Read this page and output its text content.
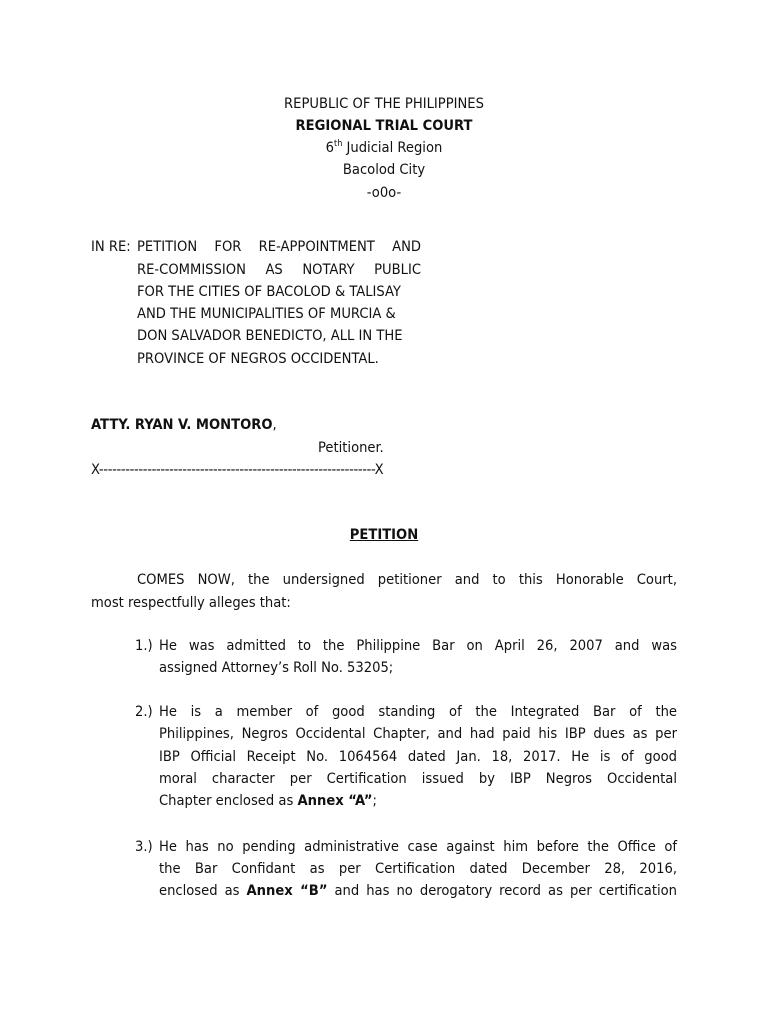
REPUBLIC OF THE PHILIPPINES
REGIONAL TRIAL COURT
6th Judicial Region
Bacolod City
-o0o-
IN RE: PETITION FOR RE-APPOINTMENT AND
RE-COMMISSION AS NOTARY PUBLIC
FOR THE CITIES OF BACOLOD & TALISAY
AND THE MUNICIPALITIES OF MURCIA &
DON SALVADOR BENEDICTO, ALL IN THE
PROVINCE OF NEGROS OCCIDENTAL.
ATTY. RYAN V. MONTORO,
Petitioner.
X---------------------------------------------------------------X
PETITION
COMES NOW, the undersigned petitioner and to this Honorable Court,
most respectfully alleges that:
1.) He was admitted to the Philippine Bar on April 26, 2007 and was
assigned Attorney’s Roll No. 53205;
2.) He is a member of good standing of the Integrated Bar of the
Philippines, Negros Occidental Chapter, and had paid his IBP dues as per
IBP Official Receipt No. 1064564 dated Jan. 18, 2017. He is of good
moral character per Certification issued by IBP Negros Occidental
Chapter enclosed as Annex “A”;
3.) He has no pending administrative case against him before the Office of
the Bar Confidant as per Certification dated December 28, 2016,
enclosed as Annex “B” and has no derogatory record as per certification
